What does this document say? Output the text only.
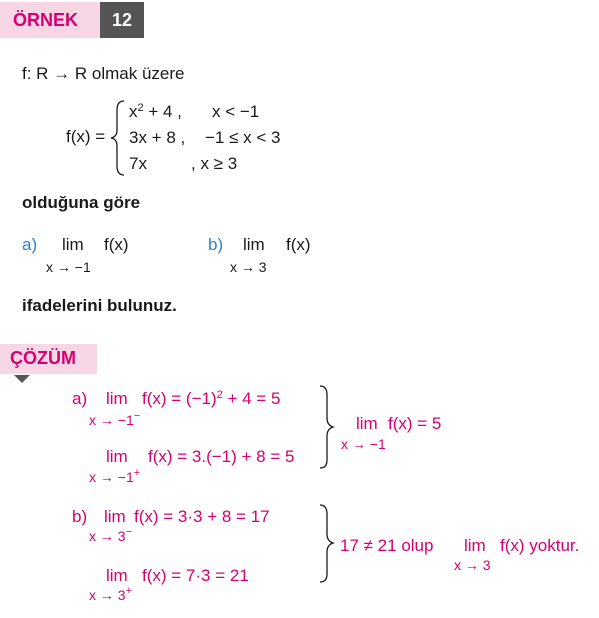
ÖRNEK	12
f: R → R olmak üzere
f(x) =
$x^2 + 4$ , x < −1
3x + 8 , −1 ≤ x < 3
7x	, x ≥ 3
olduğuna göre
a) lim f(x)
x → −1
b) lim f(x)
x → 3
ifadelerini bulunuz.
ÇÖZÜM
a) $\lim f(x) = (-1)^2 + 4 = 5$
x → −1−
lim f(x) = 3.(−1) + 8 = 5
x → −1+
lim f(x) = 5
x → −1
b) lim f(x) = 3·3 + 8 = 17
x → 3−
lim f(x) = 7·3 = 21
x → 3+
17 ≠ 21 olup lim f(x) yoktur.
x → 3
